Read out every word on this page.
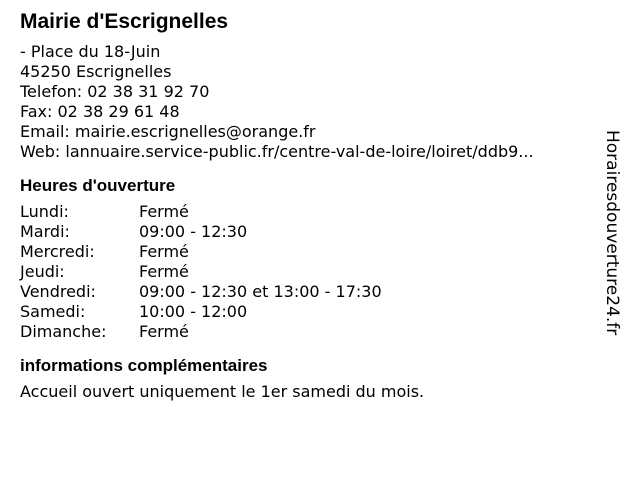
Mairie d'Escrignelles
- Place du 18-Juin
45250 Escrignelles
Telefon: 02 38 31 92 70
Fax: 02 38 29 61 48
Email: mairie.escrignelles@orange.fr
Web: lannuaire.service-public.fr/centre-val-de-loire/loiret/ddb9...
Heures d'ouverture
Lundi:	Fermé
Mardi:	09:00 - 12:30
Mercredi:	Fermé
Jeudi:	Fermé
Vendredi:	09:00 - 12:30 et 13:00 - 17:30
Samedi:	10:00 - 12:00
Dimanche:	Fermé
informations complémentaires
Accueil ouvert uniquement le 1er samedi du mois.
Horairesdouverture24.fr
